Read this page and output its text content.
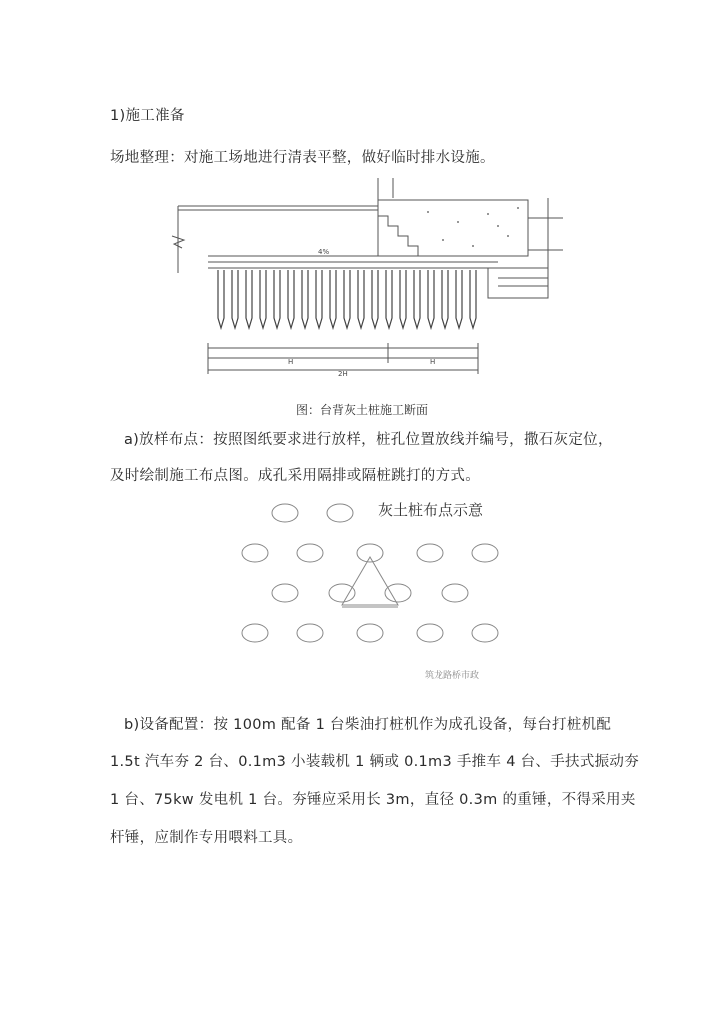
1)施工准备
场地整理：对施工场地进行清表平整，做好临时排水设施。
4%
2H
H	H
图：台背灰土桩施工断面
a)放样布点：按照图纸要求进行放样，桩孔位置放线并编号，撒石灰定位，
及时绘制施工布点图。成孔采用隔排或隔桩跳打的方式。
灰土桩布点示意
筑龙路桥市政
b)设备配置：按 100m 配备 1 台柴油打桩机作为成孔设备，每台打桩机配
1.5t 汽车夯 2 台、0.1m3 小装载机 1 辆或 0.1m3 手推车 4 台、手扶式振动夯
1 台、75kw 发电机 1 台。夯锤应采用长 3m，直径 0.3m 的重锤，不得采用夹
杆锤，应制作专用喂料工具。
